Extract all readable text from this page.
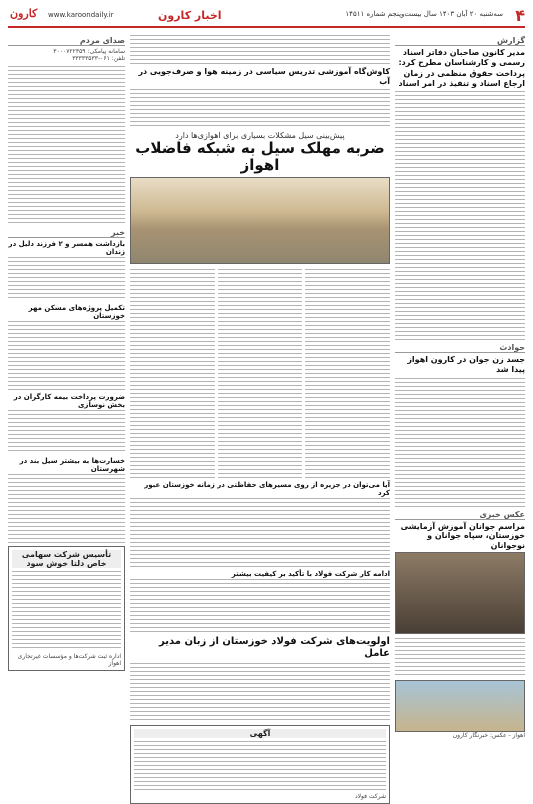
۴
سه‌شنبه ۲۰ آبان ۱۴۰۳ سال بیست‌وپنجم شماره ۱۴۵۱۱
اخبار کارون
کارون www.karoondaily.ir
گزارش
مدیر کانون صاحبان دفاتر اسناد رسمی و کارشناسان مطرح کرد:
پرداخت حقوق منظمی در زمان ارجاع اسناد و تنفیذ در امر اسناد
حوادث
جسد زن جوان در کارون اهواز پیدا شد
عکس خبری
مراسم جوانان آموزش آزمایشی خوزستان، سپاه جوانان و نوجوانان
اهواز - عکس: خبرنگار کارون
کاوش‌گاه آموزشی تدریس سیاسی در زمینه هوا و صرف‌جویی در آب
پیش‌بینی سیل مشکلات بسیاری برای اهوازی‌ها دارد
ضربه مهلک سیل به شبکه فاضلاب اهواز
آیا می‌توان در جزیره از روی مسیرهای حفاظتی در زمانه خوزستان عبور کرد
ادامه کار شرکت فولاد با تأکید بر کیفیت بیشتر
اولویت‌های شرکت فولاد خوزستان از زبان مدیر عامل
آگهی
شرکت فولاد
صدای مردم
سامانه پیامکی: ۳۰۰۰۷۲۲۳۵۹
تلفن: ۰۶۱-۳۳۳۳۳۵۳۳
خبر
بازداشت همسر و ۲ فرزند دلیل در زندان
تکمیل پروژه‌های مسکن مهر خوزستان
ضرورت پرداخت بیمه کارگران در بخش نوسازی
خسارت‌ها به بیشتر سیل بند در شهرستان
تأسیس شرکت سهامی خاص دلتا خوش سود
اداره ثبت شرکت‌ها و مؤسسات غیرتجاری اهواز
